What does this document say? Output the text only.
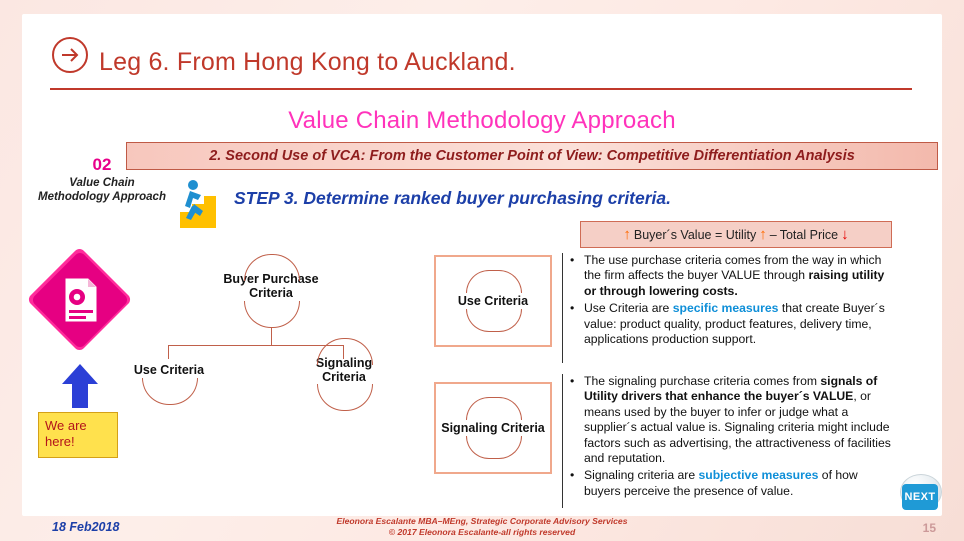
Leg 6. From Hong Kong to Auckland.
Value Chain Methodology Approach
2. Second Use of VCA: From the Customer Point of View: Competitive Differentiation Analysis
02
Value Chain Methodology Approach
We are here!
STEP 3. Determine ranked buyer purchasing criteria.
↑ Buyer´s Value = Utility ↑ – Total Price ↓
Buyer Purchase Criteria
Use Criteria	Signaling Criteria
Use Criteria
• The use purchase criteria comes from the way in which the firm affects the buyer VALUE through raising utility or through lowering costs.
• Use Criteria are specific measures that create Buyer´s value: product quality, product features, delivery time, applications production support.
Signaling Criteria
• The signaling purchase criteria comes from signals of Utility drivers that enhance the buyer´s VALUE, or means used by the buyer to infer or judge what a supplier´s actual value is. Signaling criteria might include factors such as advertising, the attractiveness of facilities and reputation.
• Signaling criteria are subjective measures of how buyers perceive the presence of value.
18 Feb2018	Eleonora Escalante MBA–MEng, Strategic Corporate Advisory Services
© 2017 Eleonora Escalante-all rights reserved	15
NEXT
